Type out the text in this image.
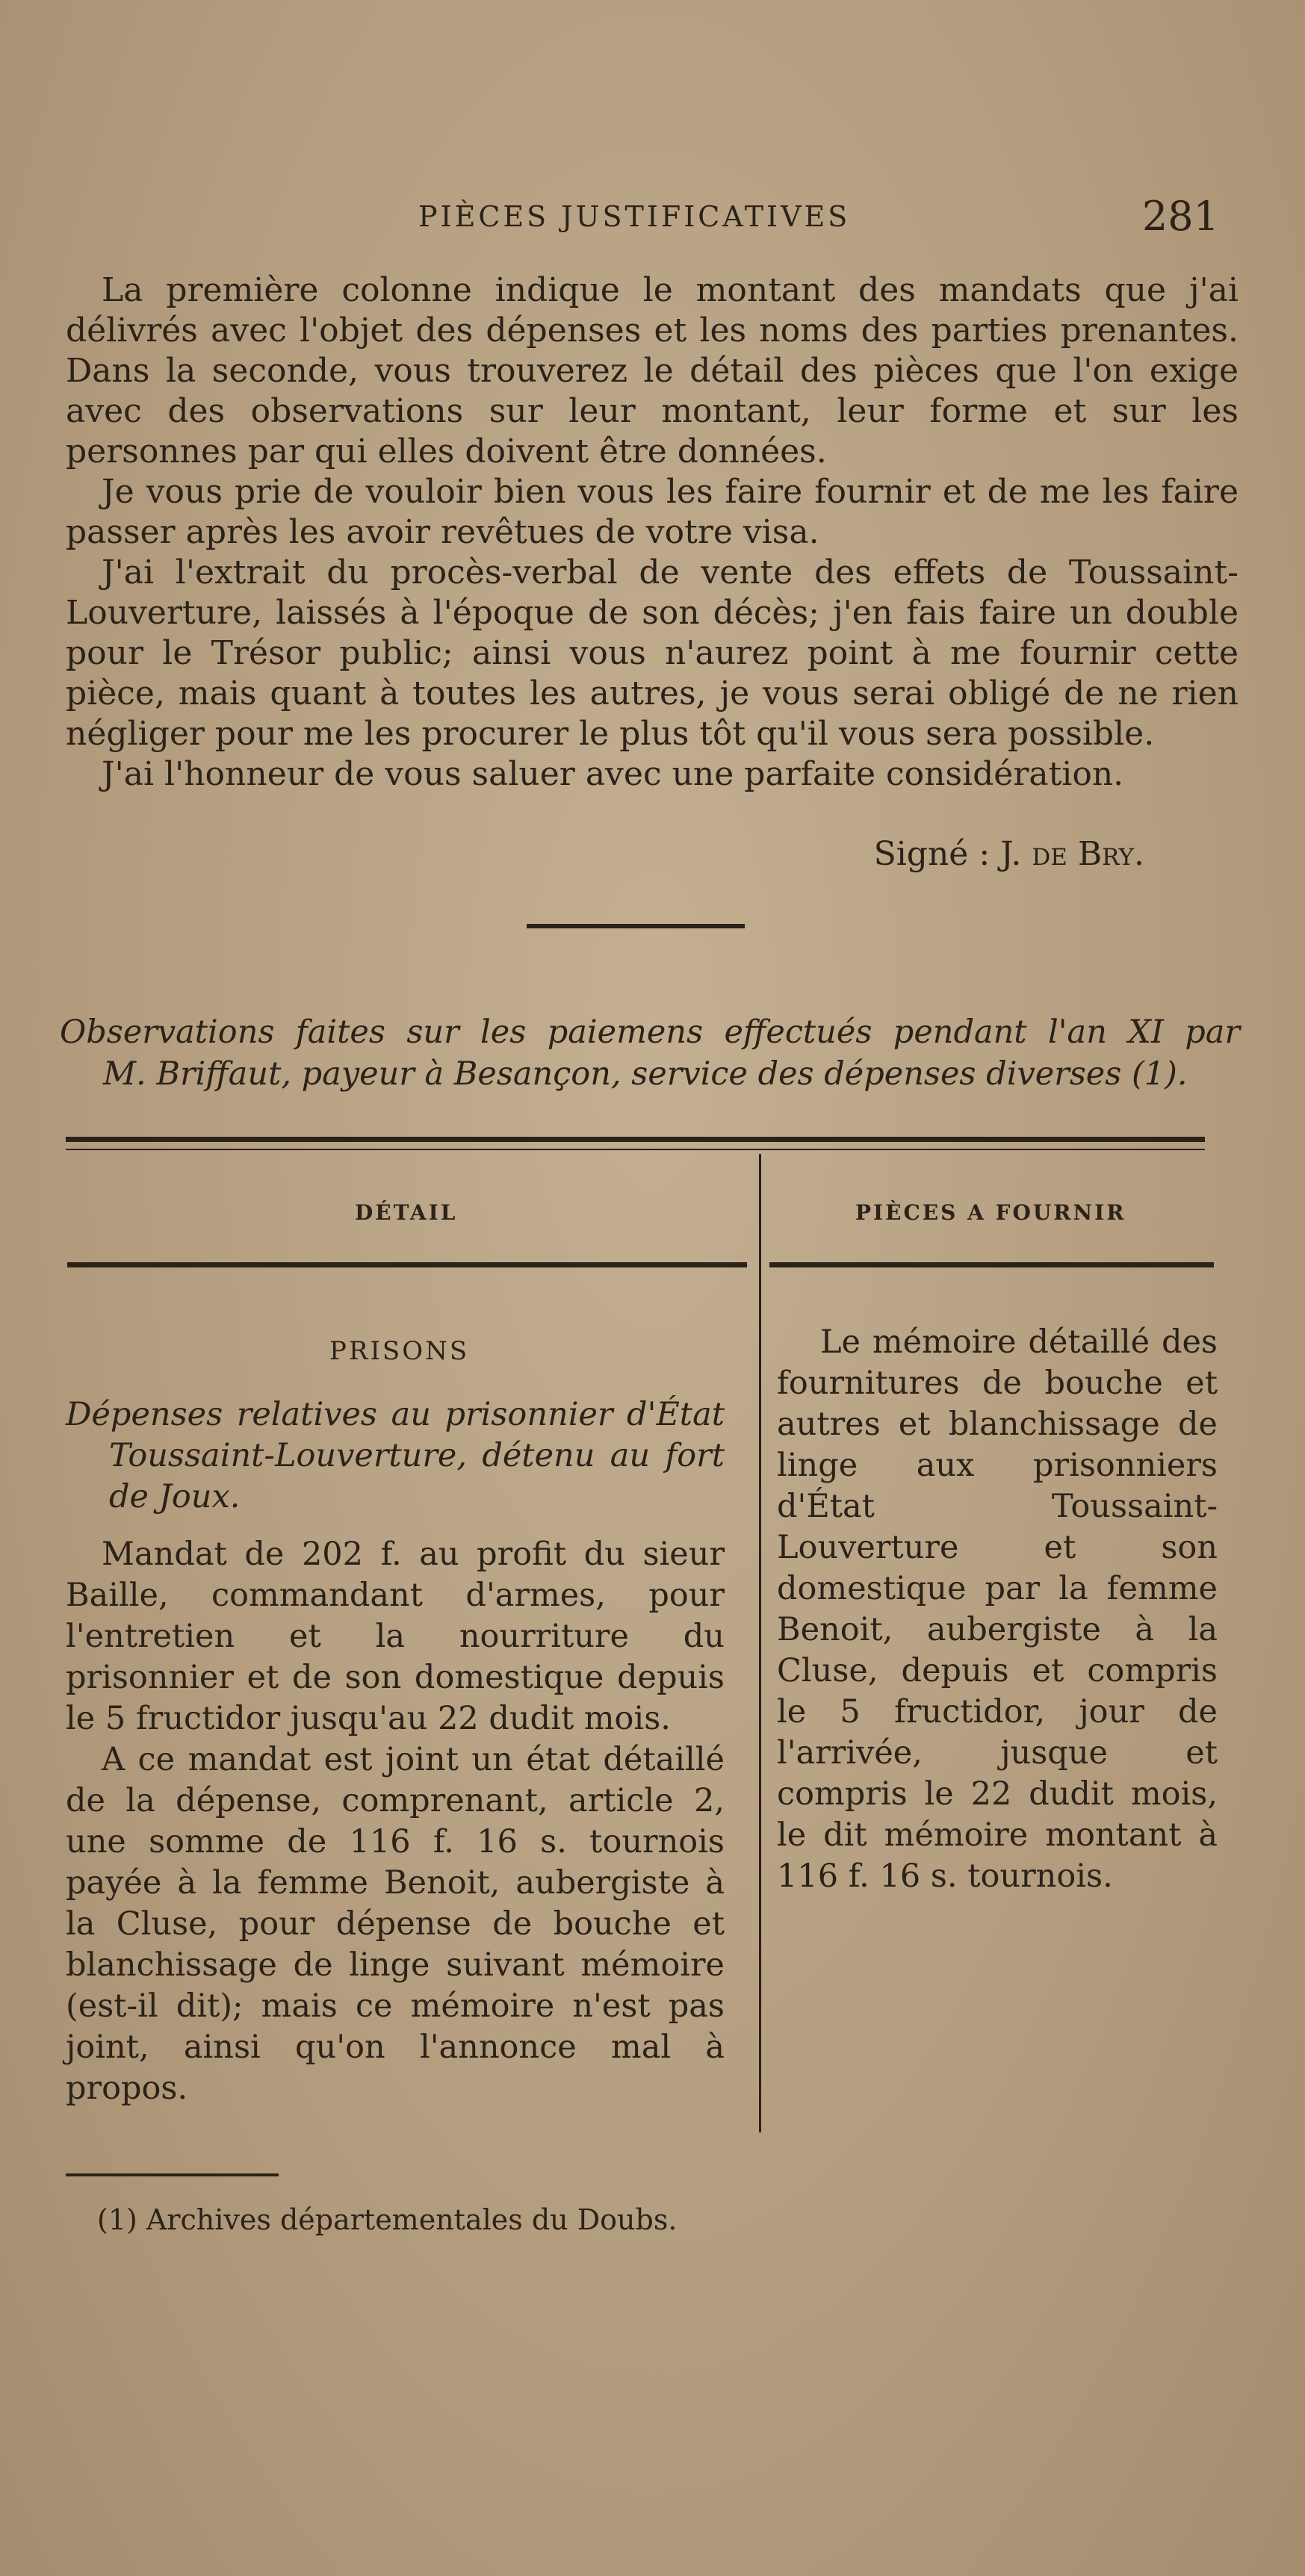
PIÈCES JUSTIFICATIVES	281

La première colonne indique le montant des mandats que j'ai délivrés avec l'objet des dépenses et les noms des parties prenantes. Dans la seconde, vous trouverez le détail des pièces que l'on exige avec des observations sur leur montant, leur forme et sur les personnes par qui elles doivent être données.

Je vous prie de vouloir bien vous les faire fournir et de me les faire passer après les avoir revêtues de votre visa.

J'ai l'extrait du procès-verbal de vente des effets de Toussaint-Louverture, laissés à l'époque de son décès; j'en fais faire un double pour le Trésor public; ainsi vous n'aurez point à me fournir cette pièce, mais quant à toutes les autres, je vous serai obligé de ne rien négliger pour me les procurer le plus tôt qu'il vous sera possible.

J'ai l'honneur de vous saluer avec une parfaite considération.

Signé : J. de Bry.
Observations faites sur les paiemens effectués pendant l'an XI par
M. Briffaut, payeur à Besançon, service des dépenses diverses (1).
DÉTAIL	PIÈCES A FOURNIR
PRISONS

Dépenses relatives au prisonnier d'État Toussaint-Louverture, détenu au fort de Joux.

Mandat de 202 f. au profit du sieur Baille, commandant d'armes, pour l'entretien et la nourriture du prisonnier et de son domestique depuis le 5 fructidor jusqu'au 22 dudit mois.

A ce mandat est joint un état détaillé de la dépense, comprenant, article 2, une somme de 116 f. 16 s. tournois payée à la femme Benoit, aubergiste à la Cluse, pour dépense de bouche et blanchissage de linge suivant mémoire (est-il dit); mais ce mémoire n'est pas joint, ainsi qu'on l'annonce mal à propos.

Le mémoire détaillé des fournitures de bouche et autres et blanchissage de linge aux prisonniers d'État Toussaint-Louverture et son domestique par la femme Benoit, aubergiste à la Cluse, depuis et compris le 5 fructidor, jour de l'arrivée, jusque et compris le 22 dudit mois, le dit mémoire montant à 116 f. 16 s. tournois.

(1) Archives départementales du Doubs.
